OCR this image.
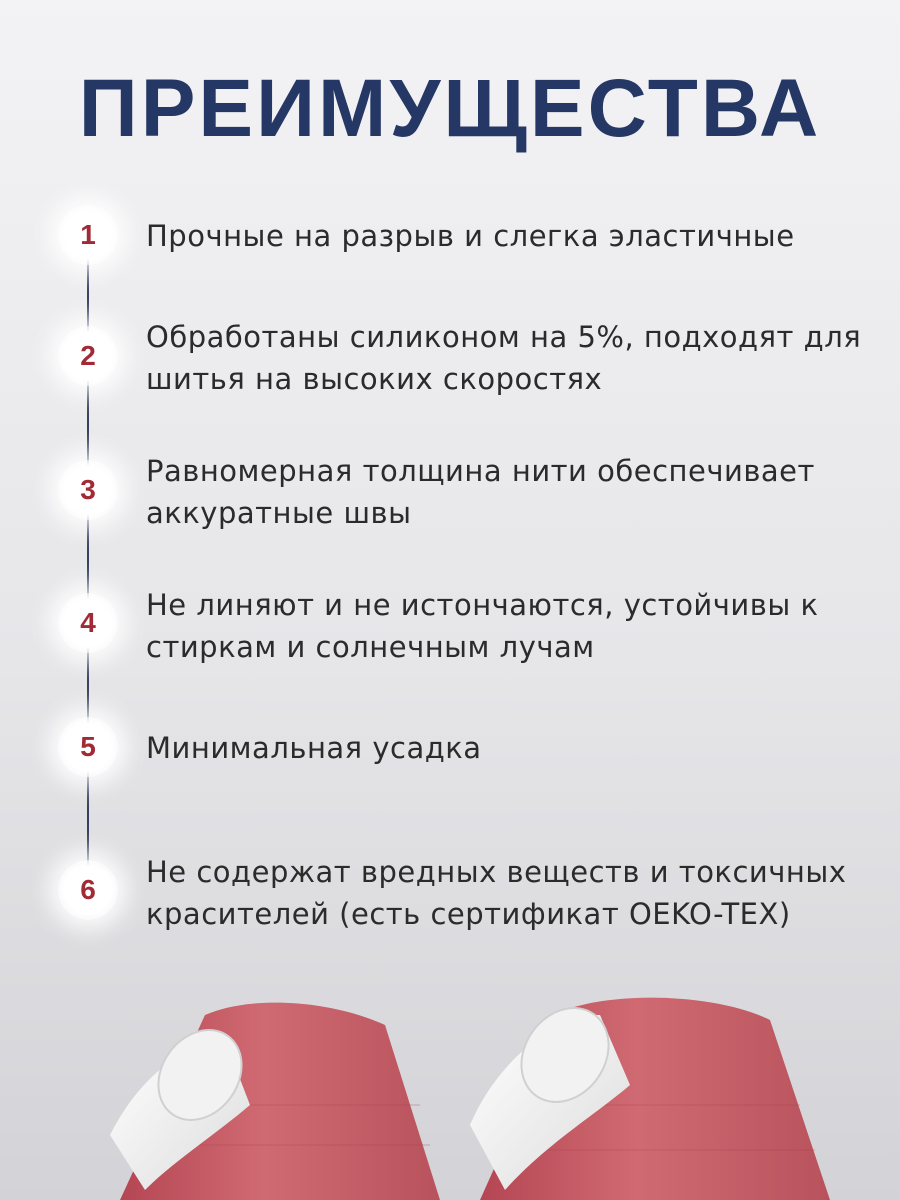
ПРЕИМУЩЕСТВА
1	Прочные на разрыв и слегка эластичные

2

Обработаны силиконом на 5%, подходят для шитья на высоких скоростях

3

Равномерная толщина нити обеспечивает аккуратные швы

4

Не линяют и не истончаются, устойчивы к стиркам и солнечным лучам

5	Минимальная усадка

6

Не содержат вредных веществ и токсичных красителей (есть сертификат OEKO-TEX)
